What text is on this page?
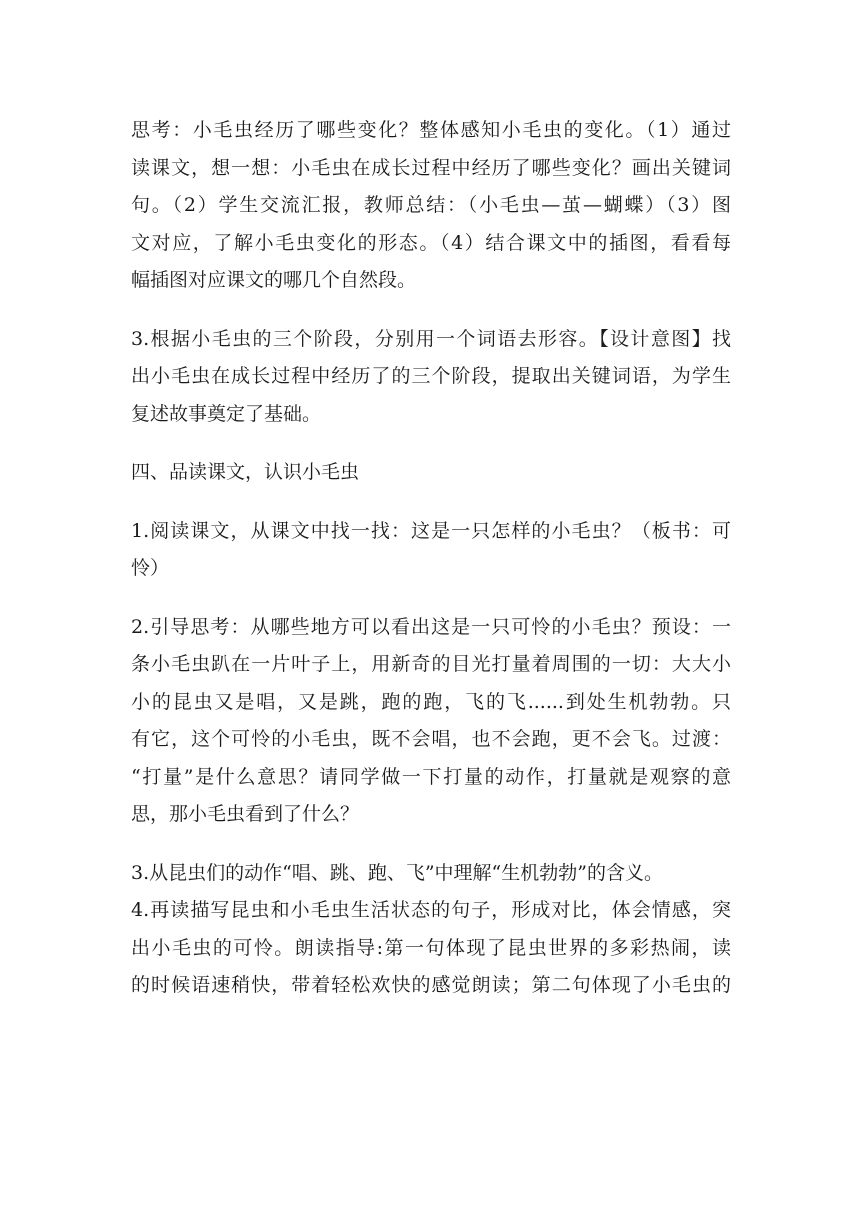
思考：小毛虫经历了哪些变化？整体感知小毛虫的变化。（1）通过
读课文，想一想：小毛虫在成长过程中经历了哪些变化？画出关键词
句。（2）学生交流汇报，教师总结：（小毛虫—茧—蝴蝶）（3）图
文对应，了解小毛虫变化的形态。（4）结合课文中的插图，看看每
幅插图对应课文的哪几个自然段。

3.根据小毛虫的三个阶段，分别用一个词语去形容。【设计意图】找
出小毛虫在成长过程中经历了的三个阶段，提取出关键词语，为学生
复述故事奠定了基础。

四、品读课文，认识小毛虫

1.阅读课文，从课文中找一找：这是一只怎样的小毛虫？（板书：可
怜）

2.引导思考：从哪些地方可以看出这是一只可怜的小毛虫？预设：一
条小毛虫趴在一片叶子上，用新奇的目光打量着周围的一切：大大小
小的昆虫又是唱，又是跳，跑的跑，飞的飞......到处生机勃勃。只
有它，这个可怜的小毛虫，既不会唱，也不会跑，更不会飞。过渡：
“打量”是什么意思？请同学做一下打量的动作，打量就是观察的意
思，那小毛虫看到了什么？

3.从昆虫们的动作“唱、跳、跑、飞”中理解“生机勃勃”的含义。

4.再读描写昆虫和小毛虫生活状态的句子，形成对比，体会情感，突
出小毛虫的可怜。朗读指导:第一句体现了昆虫世界的多彩热闹，读
的时候语速稍快，带着轻松欢快的感觉朗读；第二句体现了小毛虫的
